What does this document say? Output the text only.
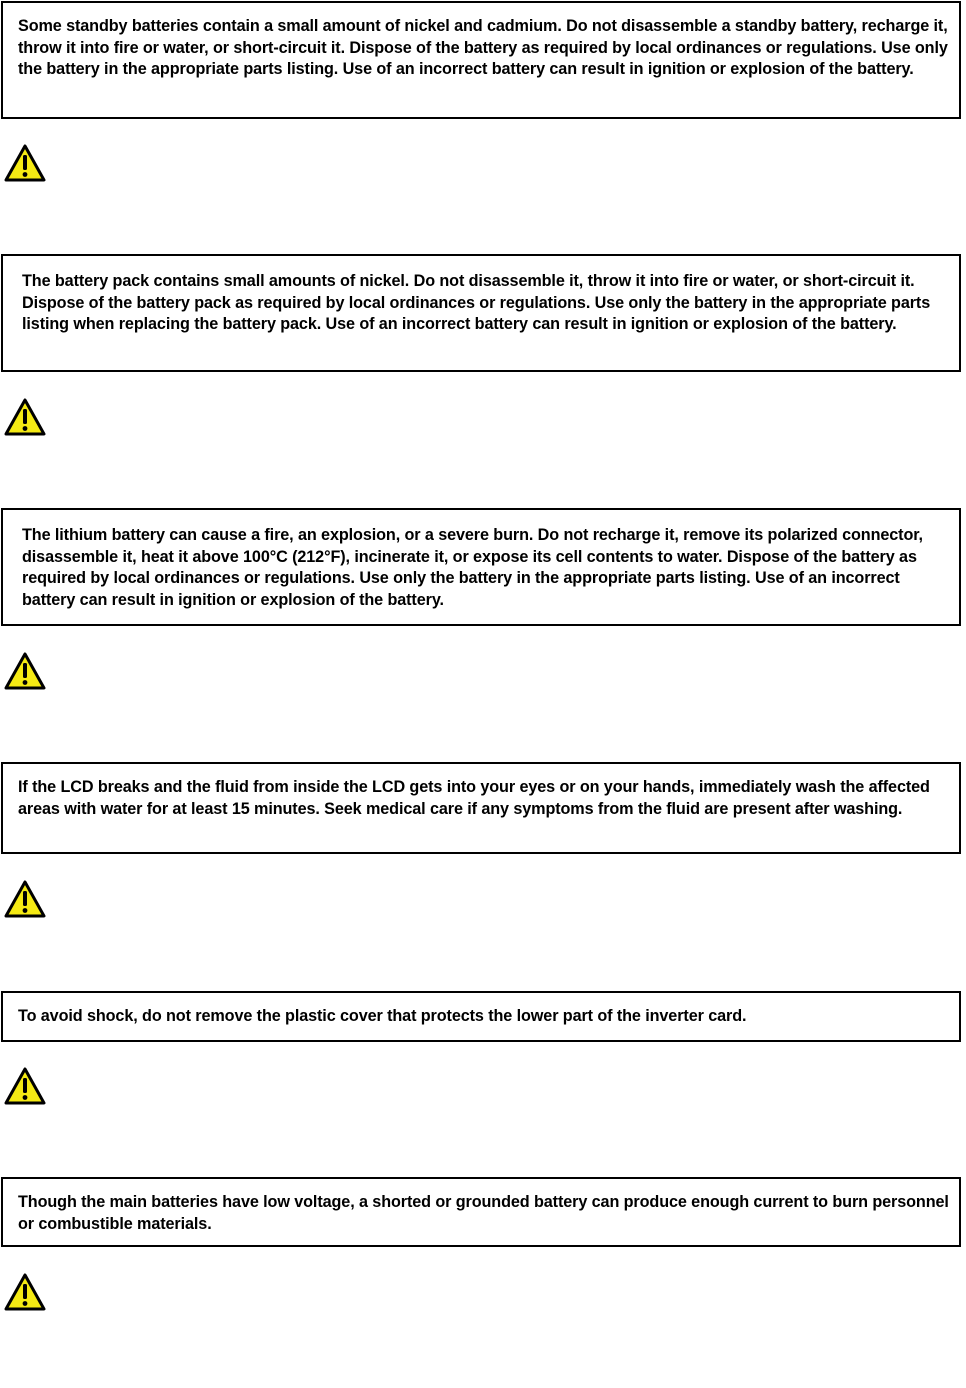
Some standby batteries contain a small amount of nickel and cadmium. Do not disassemble a standby battery, recharge it, throw it into fire or water, or short-circuit it. Dispose of the battery as required by local ordinances or regulations. Use only the battery in the appropriate parts listing. Use of an incorrect battery can result in ignition or explosion of the battery.

The battery pack contains small amounts of nickel. Do not disassemble it, throw it into fire or water, or short-circuit it. Dispose of the battery pack as required by local ordinances or regulations. Use only the battery in the appropriate parts listing when replacing the battery pack. Use of an incorrect battery can result in ignition or explosion of the battery.

The lithium battery can cause a fire, an explosion, or a severe burn. Do not recharge it, remove its polarized connector, disassemble it, heat it above 100°C (212°F), incinerate it, or expose its cell contents to water. Dispose of the battery as required by local ordinances or regulations. Use only the battery in the appropriate parts listing. Use of an incorrect battery can result in ignition or explosion of the battery.

If the LCD breaks and the fluid from inside the LCD gets into your eyes or on your hands, immediately wash the affected areas with water for at least 15 minutes. Seek medical care if any symptoms from the fluid are present after washing.

To avoid shock, do not remove the plastic cover that protects the lower part of the inverter card.

Though the main batteries have low voltage, a shorted or grounded battery can produce enough current to burn personnel or combustible materials.
